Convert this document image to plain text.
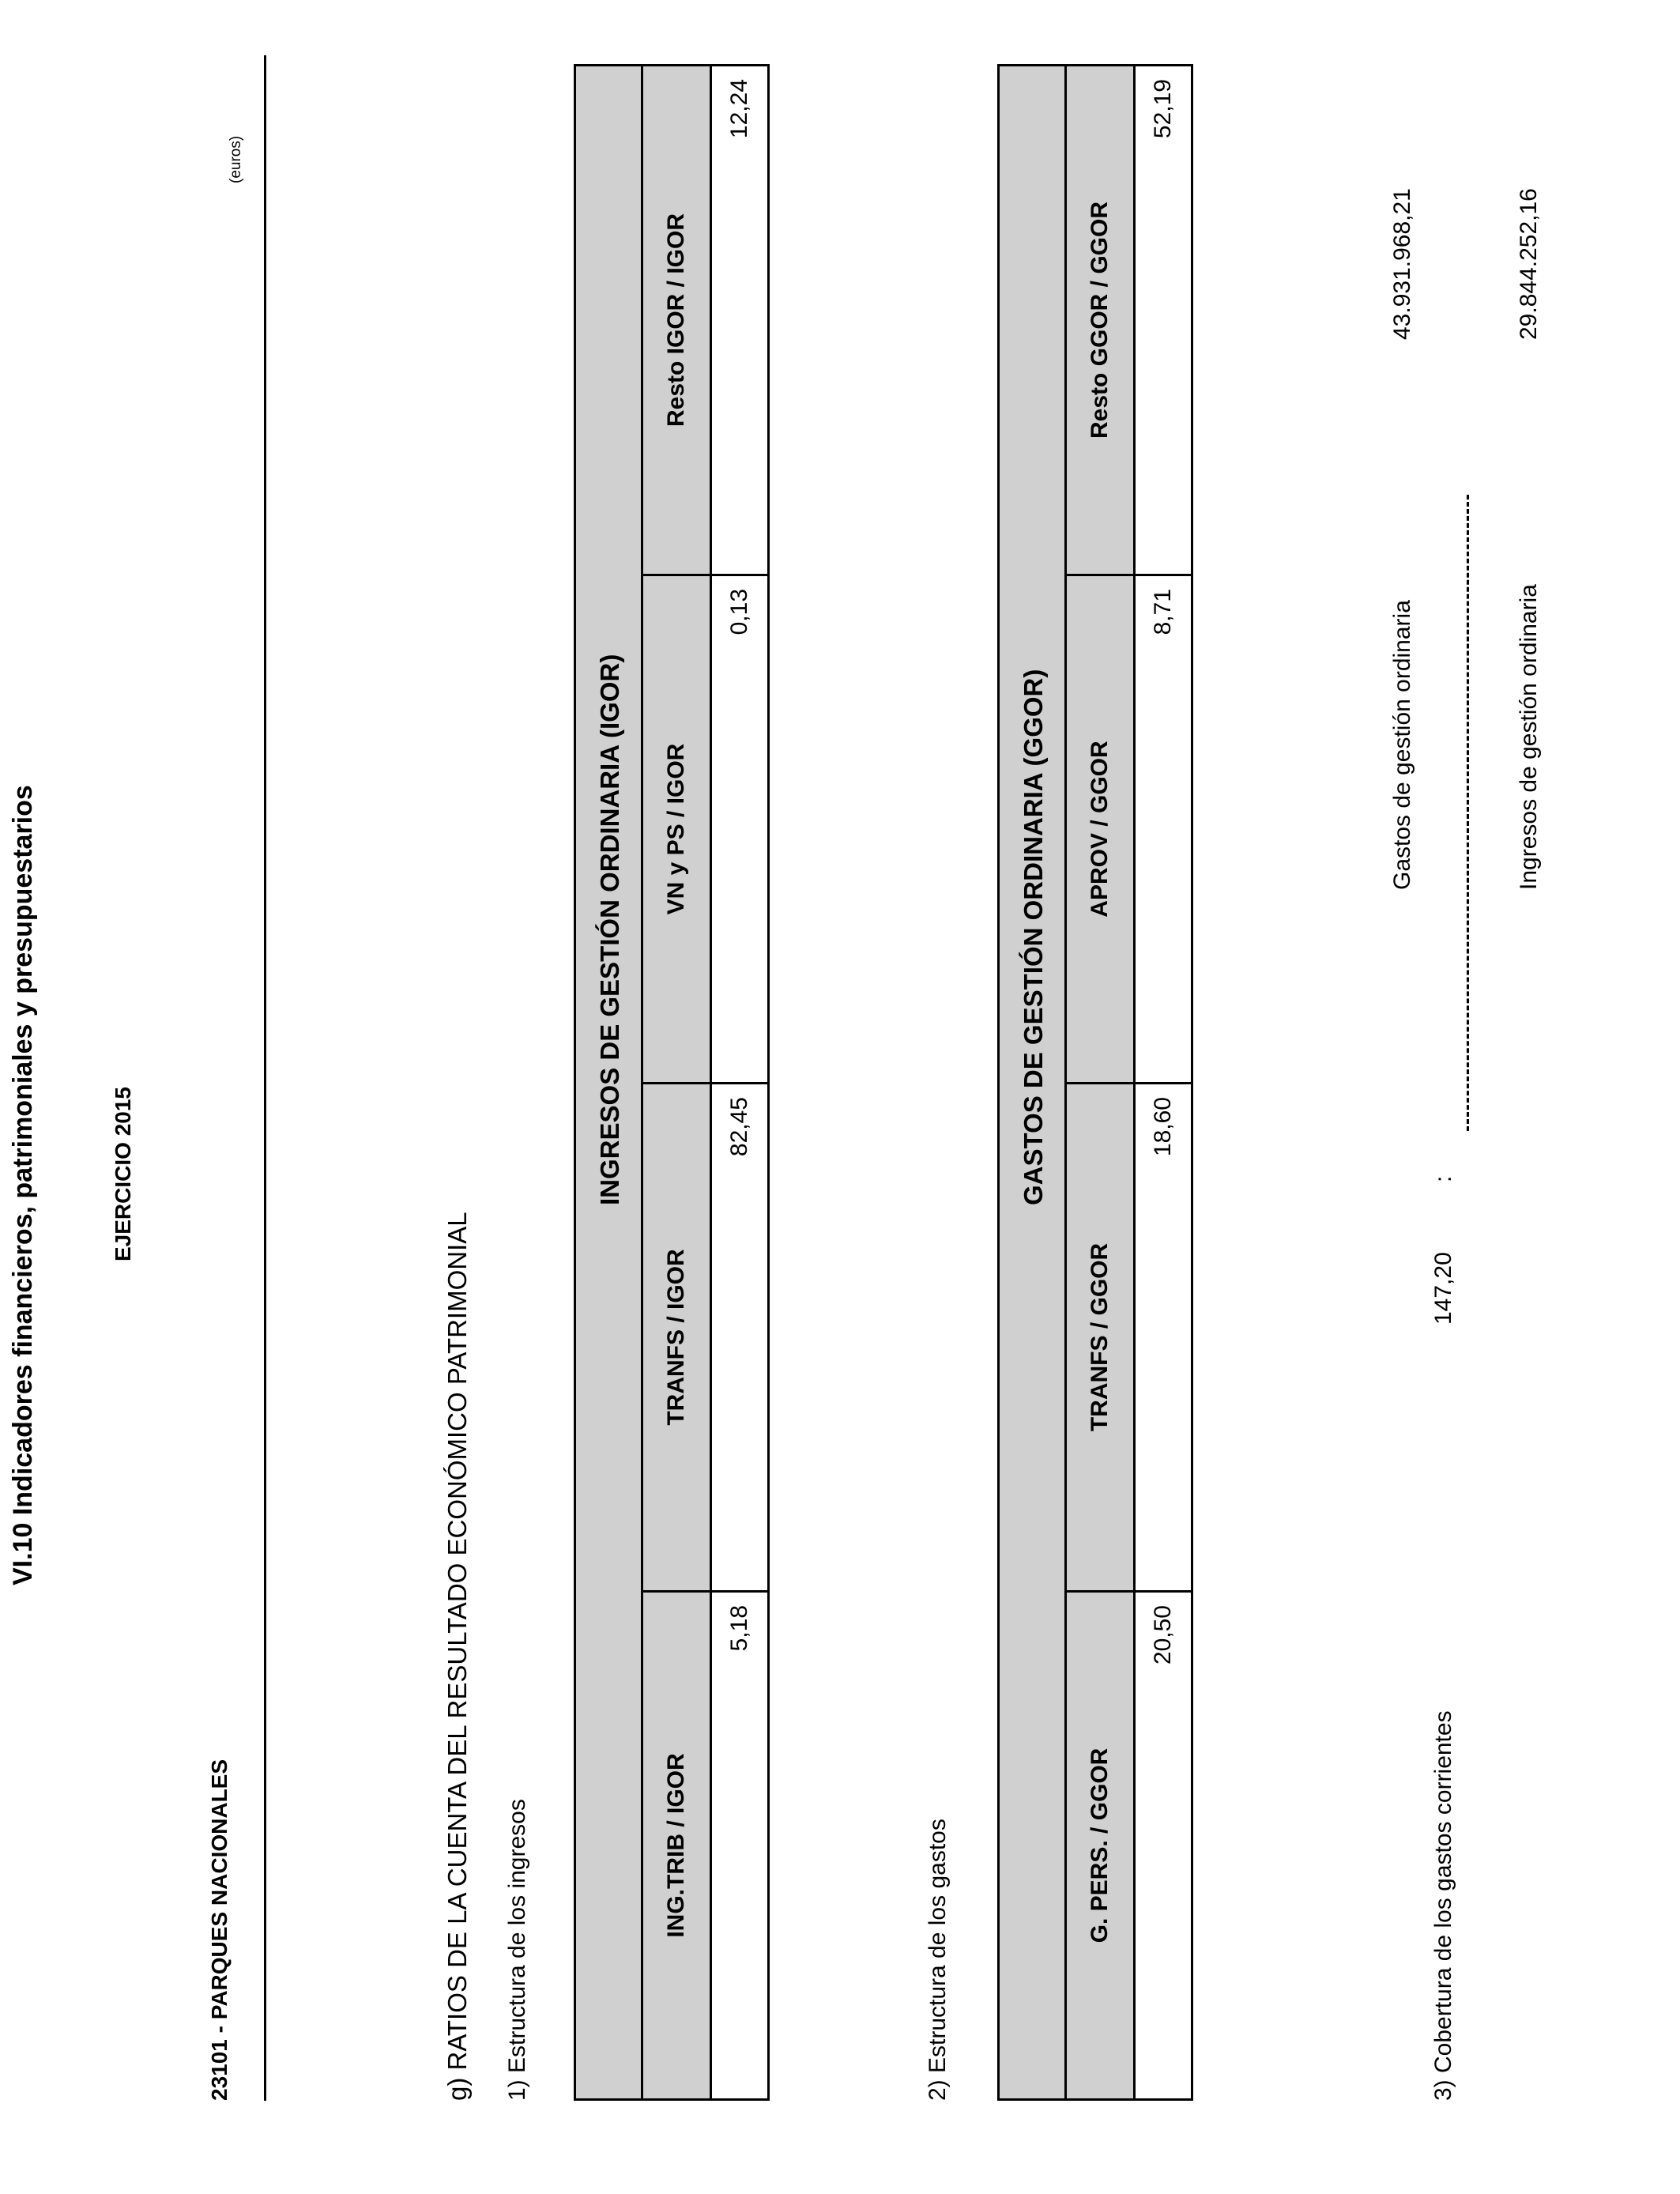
VI.10 Indicadores financieros, patrimoniales y presupuestarios	EJERCICIO 2015
23101 - PARQUES NACIONALES
(euros)
g) RATIOS DE LA CUENTA DEL RESULTADO ECONÓMICO PATRIMONIAL 1) Estructura de los ingresos
INGRESOS DE GESTIÓN ORDINARIA (IGOR)			

ING.TRIB / IGOR	TRANFS / IGOR	VN y PS / IGOR	Resto IGOR / IGOR
5,18	82,45	0,13	12,24
2) Estructura de los gastos
GASTOS DE GESTIÓN ORDINARIA (GGOR)			

G. PERS. / GGOR	TRANFS / GGOR	APROV / GGOR	Resto GGOR / GGOR
20,50	18,60	8,71	52,19
3) Cobertura de los gastos corrientes
147,20
:
Gastos de gestión ordinaria
43.931.968,21
Ingresos de gestión ordinaria
29.844.252,16
